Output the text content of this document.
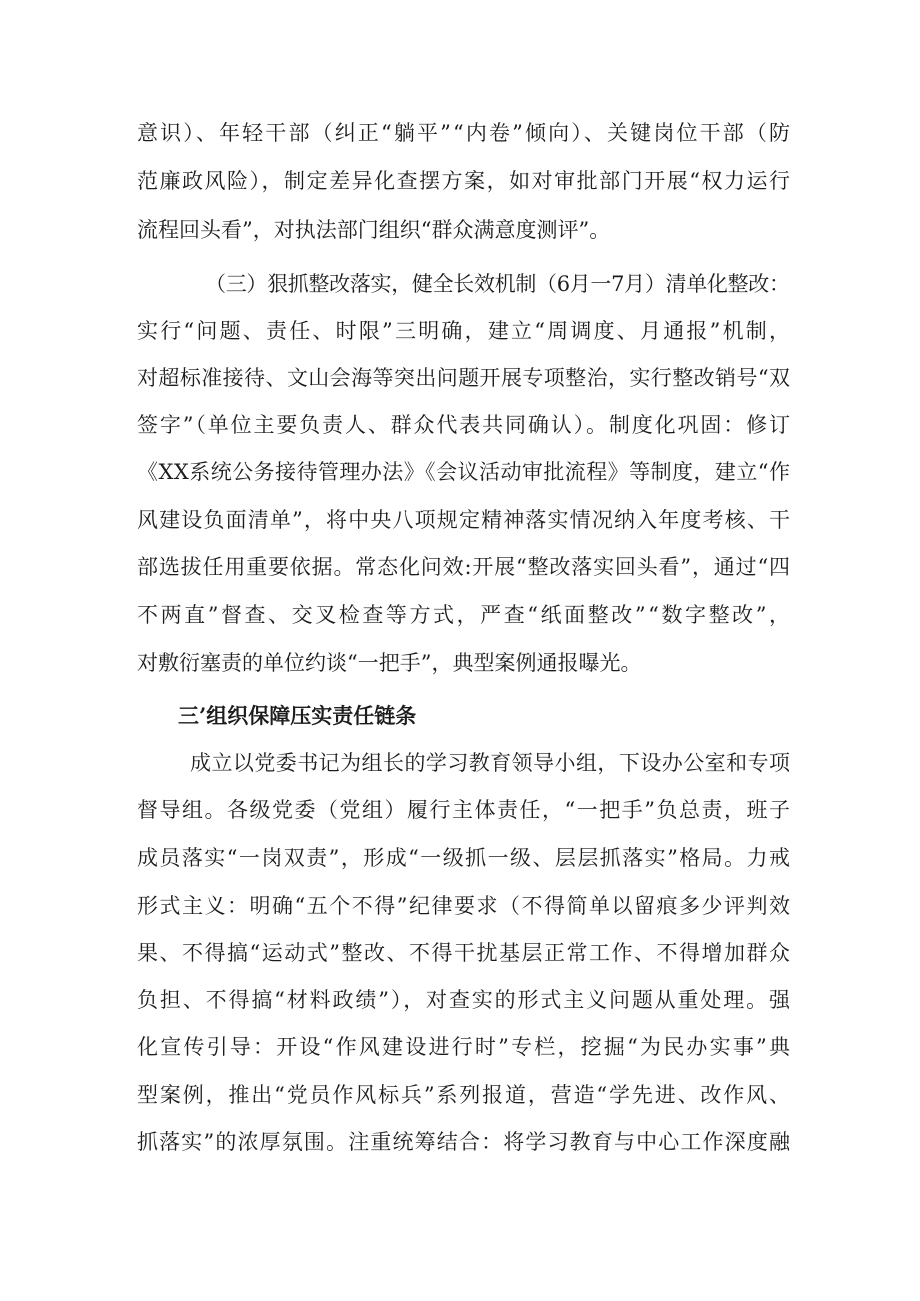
意识）、年轻干部（纠正“躺平”“内卷”倾向）、关键岗位干部（防
范廉政风险），制定差异化查摆方案，如对审批部门开展“权力运行
流程回头看”，对执法部门组织“群众满意度测评”。
（三）狠抓整改落实，健全长效机制（6月一7月）清单化整改：
实行“问题、责任、时限”三明确，建立“周调度、月通报”机制，
对超标准接待、文山会海等突出问题开展专项整治，实行整改销号“双
签字”（单位主要负责人、群众代表共同确认）。制度化巩固：修订
《XX系统公务接待管理办法》《会议活动审批流程》等制度，建立“作
风建设负面清单”，将中央八项规定精神落实情况纳入年度考核、干
部选拔任用重要依据。常态化问效:开展“整改落实回头看”，通过“四
不两直”督查、交叉检查等方式，严查“纸面整改”“数字整改”，
对敷衍塞责的单位约谈“一把手”，典型案例通报曝光。
三’组织保障压实责任链条
成立以党委书记为组长的学习教育领导小组，下设办公室和专项
督导组。各级党委（党组）履行主体责任，“一把手”负总责，班子
成员落实“一岗双责”，形成“一级抓一级、层层抓落实”格局。力戒
形式主义：明确“五个不得”纪律要求（不得简单以留痕多少评判效
果、不得搞“运动式”整改、不得干扰基层正常工作、不得增加群众
负担、不得搞“材料政绩”），对查实的形式主义问题从重处理。强
化宣传引导：开设“作风建设进行时”专栏，挖掘“为民办实事”典
型案例，推出“党员作风标兵”系列报道，营造“学先进、改作风、
抓落实”的浓厚氛围。注重统筹结合：将学习教育与中心工作深度融
